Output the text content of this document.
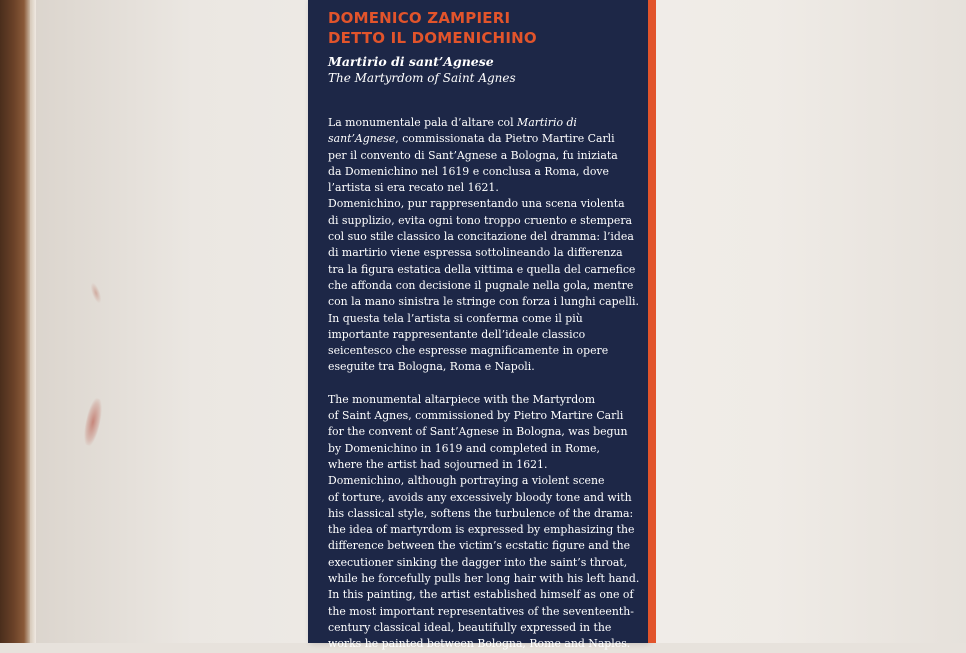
DOMENICO ZAMPIERI
DETTO IL DOMENICHINO
Martirio di sant’Agnese
The Martyrdom of Saint Agnes
La monumentale pala d’altare col Martirio di
sant’Agnese, commissionata da Pietro Martire Carli
per il convento di Sant’Agnese a Bologna, fu iniziata
da Domenichino nel 1619 e conclusa a Roma, dove
l’artista si era recato nel 1621.
Domenichino, pur rappresentando una scena violenta
di supplizio, evita ogni tono troppo cruento e stempera
col suo stile classico la concitazione del dramma: l’idea
di martirio viene espressa sottolineando la differenza
tra la figura estatica della vittima e quella del carnefice
che affonda con decisione il pugnale nella gola, mentre
con la mano sinistra le stringe con forza i lunghi capelli.
In questa tela l’artista si conferma come il più
importante rappresentante dell’ideale classico
seicentesco che espresse magnificamente in opere
eseguite tra Bologna, Roma e Napoli.
The monumental altarpiece with the Martyrdom
of Saint Agnes, commissioned by Pietro Martire Carli
for the convent of Sant’Agnese in Bologna, was begun
by Domenichino in 1619 and completed in Rome,
where the artist had sojourned in 1621.
Domenichino, although portraying a violent scene
of torture, avoids any excessively bloody tone and with
his classical style, softens the turbulence of the drama:
the idea of martyrdom is expressed by emphasizing the
difference between the victim’s ecstatic figure and the
executioner sinking the dagger into the saint’s throat,
while he forcefully pulls her long hair with his left hand.
In this painting, the artist established himself as one of
the most important representatives of the seventeenth-
century classical ideal, beautifully expressed in the
works he painted between Bologna, Rome and Naples.
